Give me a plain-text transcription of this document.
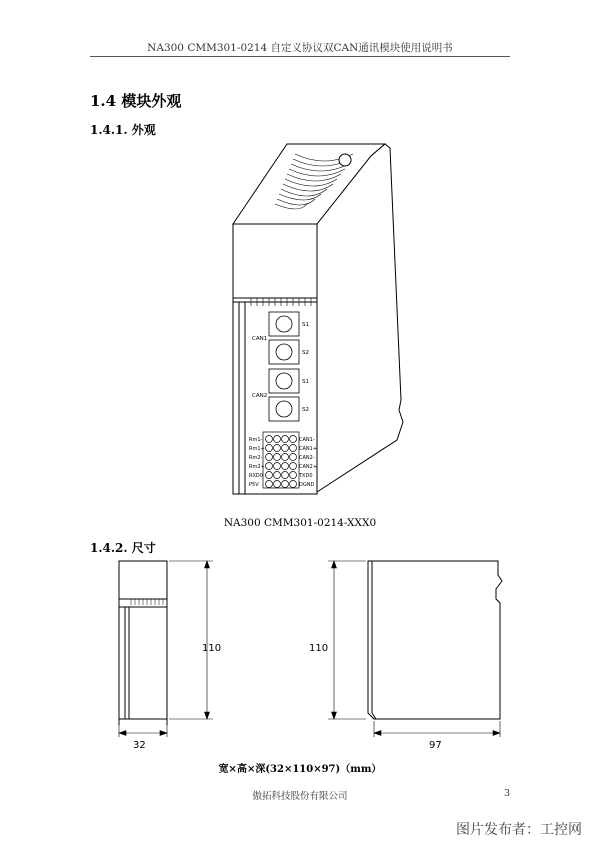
NA300 CMM301-0214 自定义协议双CAN通讯模块使用说明书
1.4 模块外观
1.4.1. 外观
S1
S2
S1
S2
CAN1
CAN2
Rm1-
Rm1+
Rm2-
Rm2+
RXD0
P5V
CAN1-
CAN1+
CAN2-
CAN2+
TXD0
DGND
NA300 CMM301-0214-XXX0
1.4.2. 尺寸
110
32
110
97
宽×高×深(32×110×97)（mm）
傲拓科技股份有限公司	3
图片发布者：工控网
